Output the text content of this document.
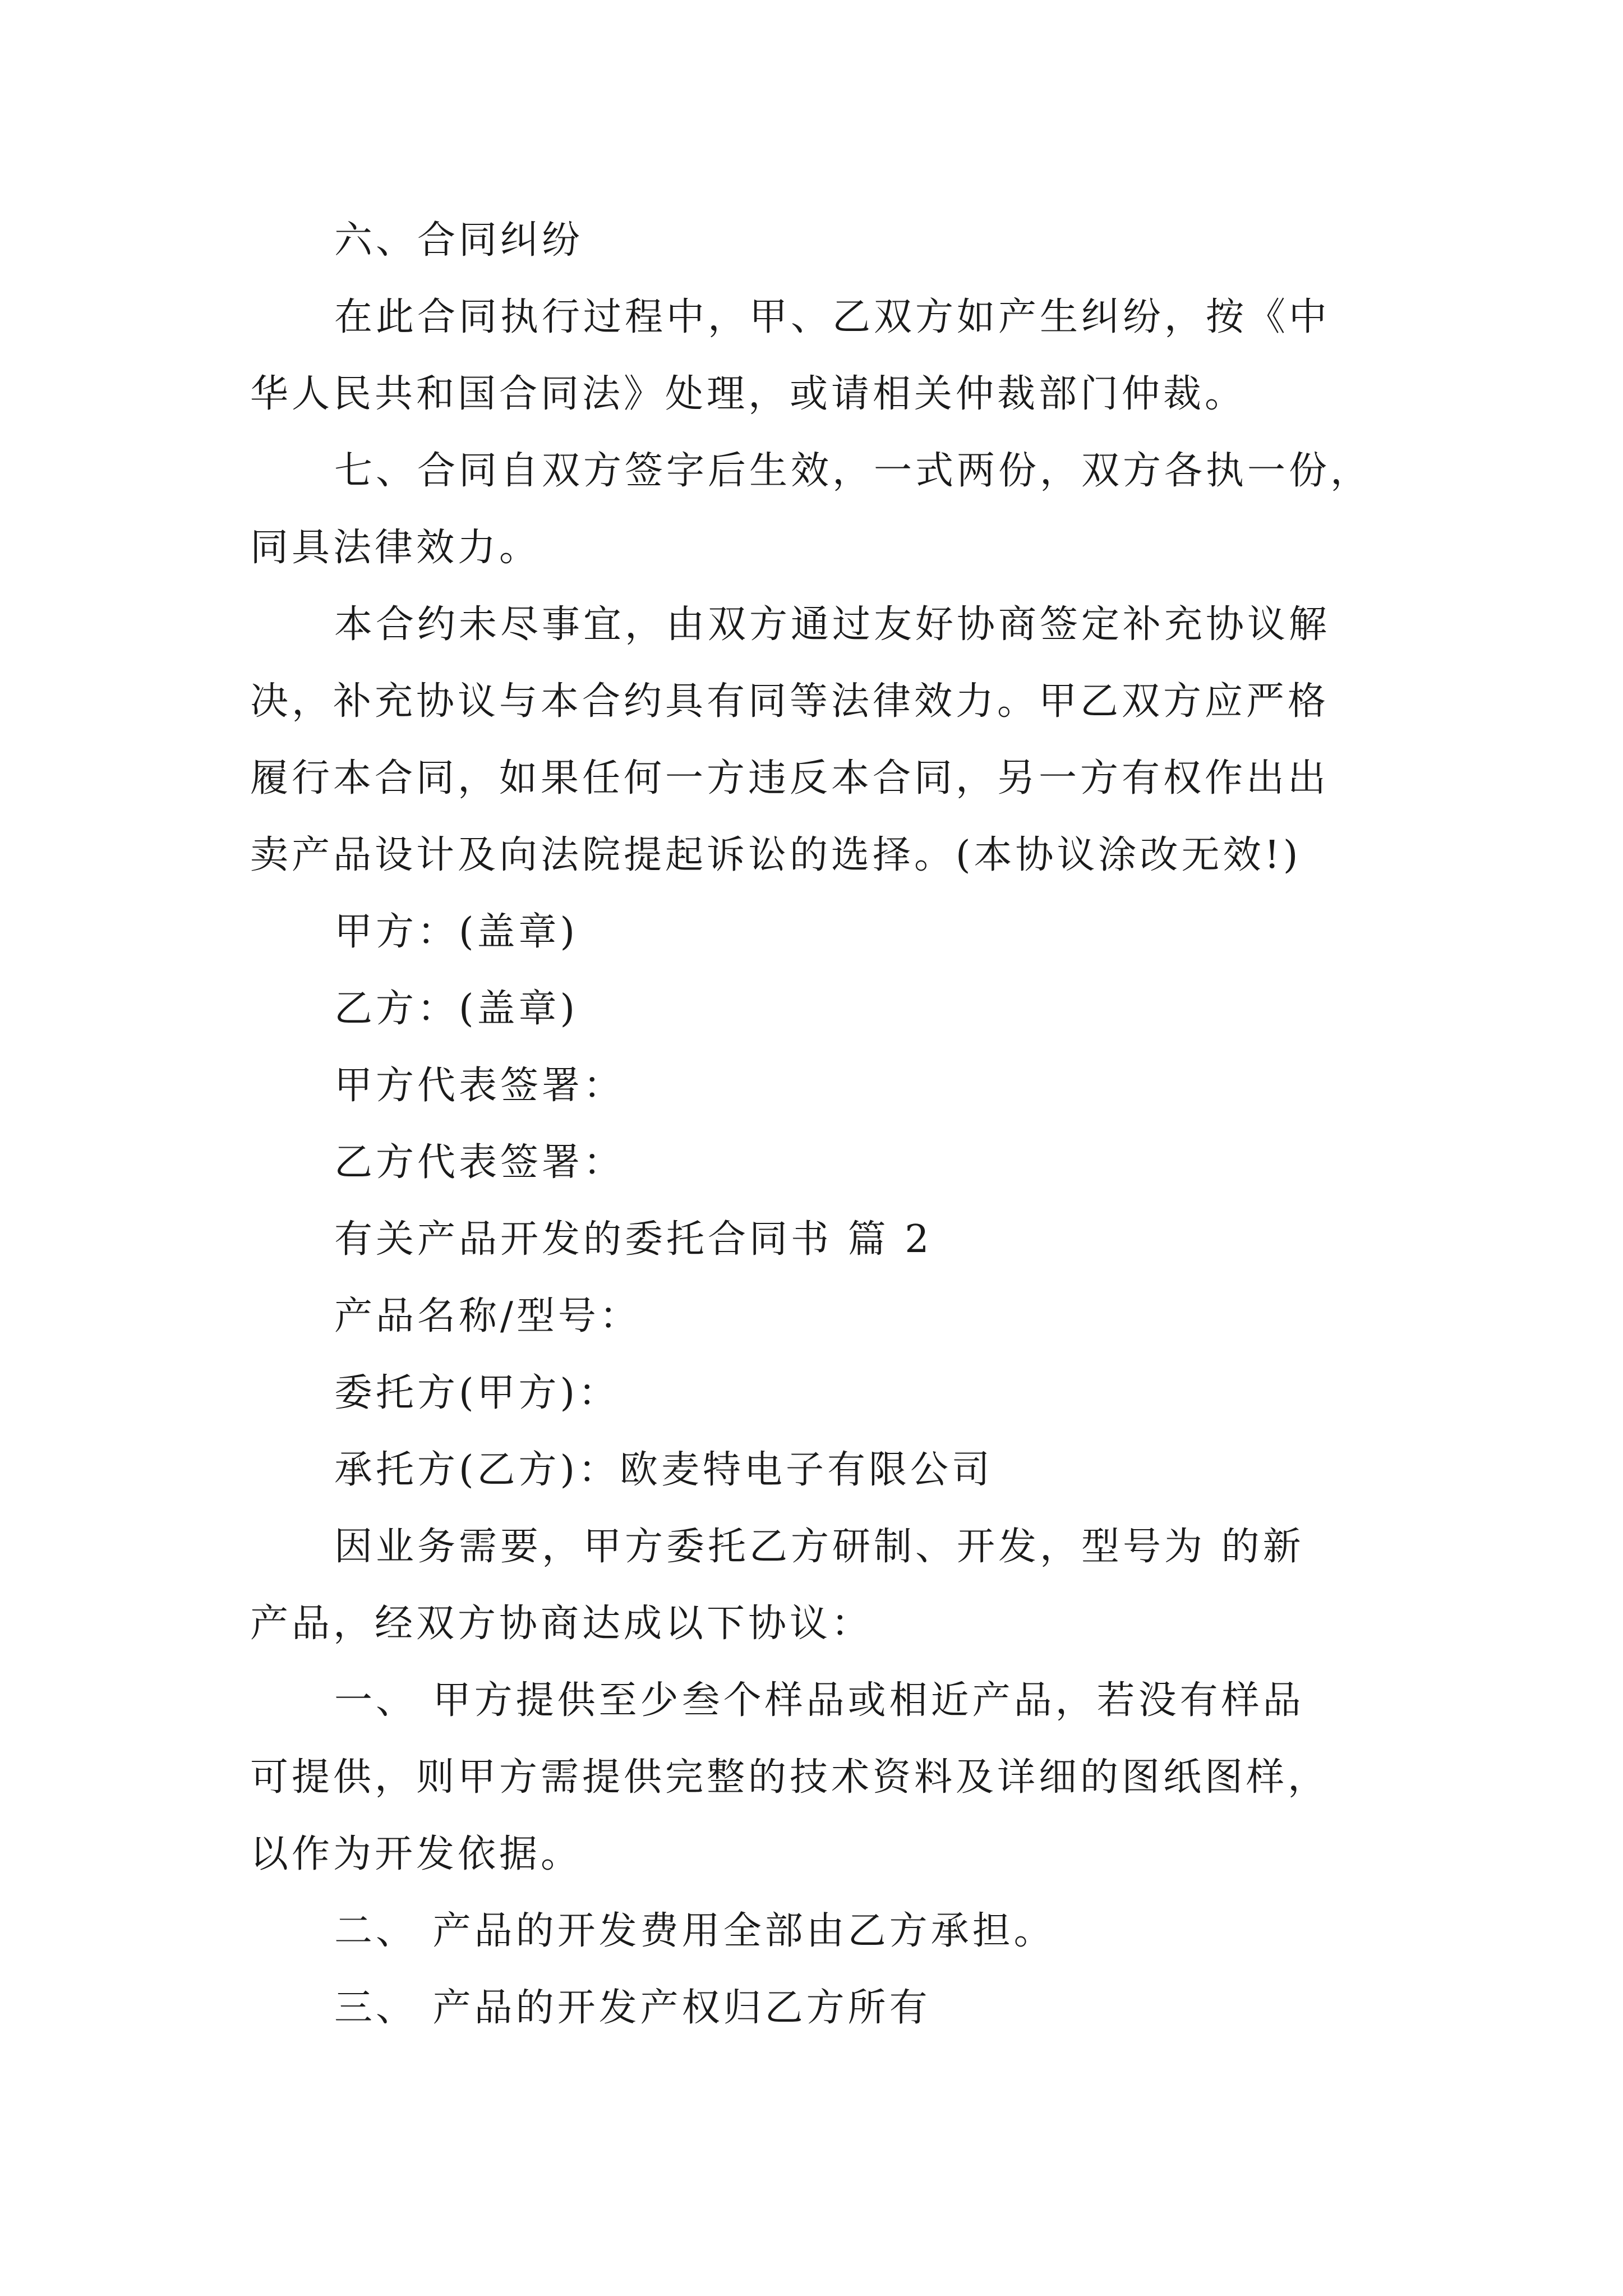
六、合同纠纷
在此合同执行过程中，甲、乙双方如产生纠纷，按《中
华人民共和国合同法》处理，或请相关仲裁部门仲裁。
七、合同自双方签字后生效，一式两份，双方各执一份，
同具法律效力。
本合约未尽事宜，由双方通过友好协商签定补充协议解
决，补充协议与本合约具有同等法律效力。甲乙双方应严格
履行本合同，如果任何一方违反本合同，另一方有权作出出
卖产品设计及向法院提起诉讼的选择。(本协议涂改无效!)
甲方：(盖章)
乙方：(盖章)
甲方代表签署：
乙方代表签署：
有关产品开发的委托合同书 篇 2
产品名称/型号：
委托方(甲方)：
承托方(乙方)：欧麦特电子有限公司
因业务需要，甲方委托乙方研制、开发，型号为 的新
产品，经双方协商达成以下协议：
一、 甲方提供至少叁个样品或相近产品，若没有样品
可提供，则甲方需提供完整的技术资料及详细的图纸图样，
以作为开发依据。
二、 产品的开发费用全部由乙方承担。
三、 产品的开发产权归乙方所有
